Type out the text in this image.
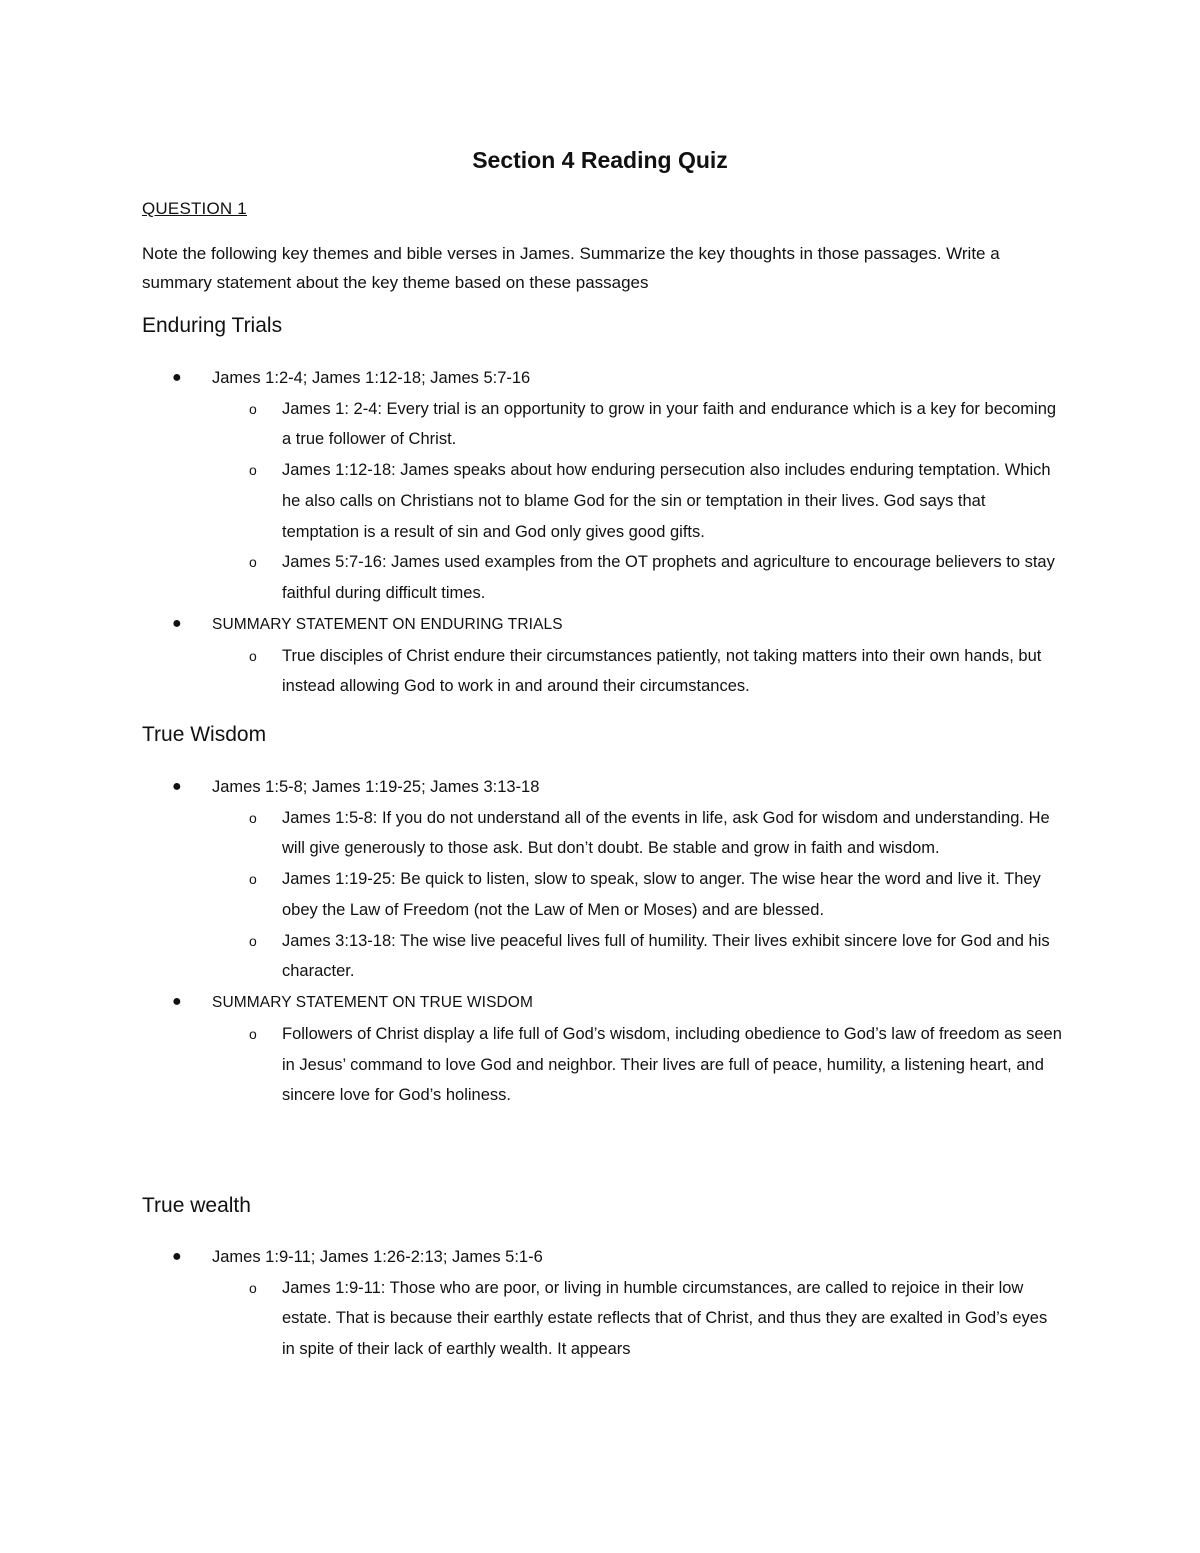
Section 4 Reading Quiz
QUESTION 1

Note the following key themes and bible verses in James. Summarize the key thoughts in those passages. Write a summary statement about the key theme based on these passages

Enduring Trials
● James 1:2-4; James 1:12-18; James 5:7-16
o James 1: 2-4: Every trial is an opportunity to grow in your faith and endurance which is a key for becoming a true follower of Christ.
o James 1:12-18: James speaks about how enduring persecution also includes enduring temptation. Which he also calls on Christians not to blame God for the sin or temptation in their lives. God says that temptation is a result of sin and God only gives good gifts.
o James 5:7-16: James used examples from the OT prophets and agriculture to encourage believers to stay faithful during difficult times.
● SUMMARY STATEMENT ON ENDURING TRIALS
o True disciples of Christ endure their circumstances patiently, not taking matters into their own hands, but instead allowing God to work in and around their circumstances.
True Wisdom
● James 1:5-8; James 1:19-25; James 3:13-18
o James 1:5-8: If you do not understand all of the events in life, ask God for wisdom and understanding. He will give generously to those ask. But don’t doubt. Be stable and grow in faith and wisdom.
o James 1:19-25: Be quick to listen, slow to speak, slow to anger. The wise hear the word and live it. They obey the Law of Freedom (not the Law of Men or Moses) and are blessed.
o James 3:13-18: The wise live peaceful lives full of humility. Their lives exhibit sincere love for God and his character.
● SUMMARY STATEMENT ON TRUE WISDOM
o Followers of Christ display a life full of God’s wisdom, including obedience to God’s law of freedom as seen in Jesus’ command to love God and neighbor. Their lives are full of peace, humility, a listening heart, and sincere love for God’s holiness.
True wealth
● James 1:9-11; James 1:26-2:13; James 5:1-6
o James 1:9-11: Those who are poor, or living in humble circumstances, are called to rejoice in their low estate. That is because their earthly estate reflects that of Christ, and thus they are exalted in God’s eyes in spite of their lack of earthly wealth. It appears
